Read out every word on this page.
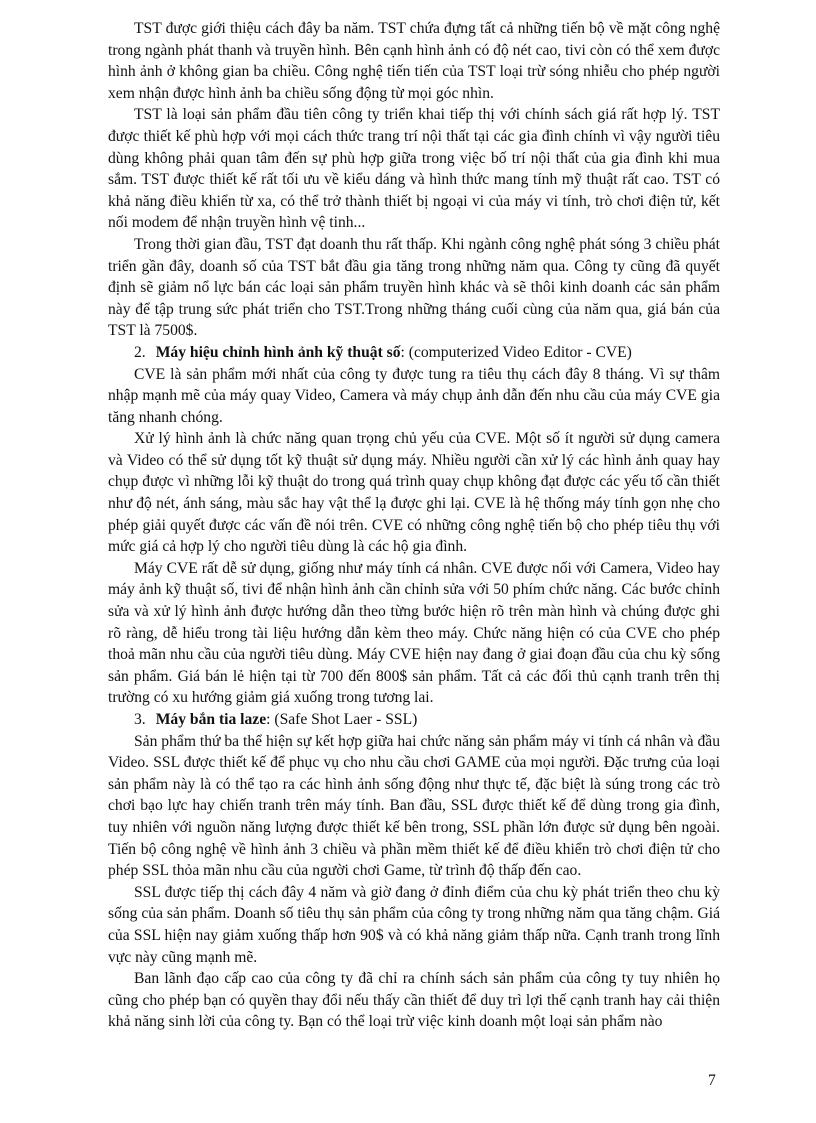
TST được giới thiệu cách đây ba năm. TST chứa đựng tất cả những tiến bộ về mặt công nghệ trong ngành phát thanh và truyền hình. Bên cạnh hình ảnh có độ nét cao, tivi còn có thể xem được hình ảnh ở không gian ba chiều. Công nghệ tiến tiến của TST loại trừ sóng nhiễu cho phép người xem nhận được hình ảnh ba chiều sống động từ mọi góc nhìn.

TST là loại sản phẩm đầu tiên công ty triển khai tiếp thị với chính sách giá rất hợp lý. TST được thiết kế phù hợp với mọi cách thức trang trí nội thất tại các gia đình chính vì vậy người tiêu dùng không phải quan tâm đến sự phù hợp giữa trong việc bố trí nội thất của gia đình khi mua sắm. TST được thiết kế rất tối ưu về kiểu dáng và hình thức mang tính mỹ thuật rất cao. TST có khả năng điều khiển từ xa, có thể trở thành thiết bị ngoại vi của máy vi tính, trò chơi điện tử, kết nối modem để nhận truyền hình vệ tinh...

Trong thời gian đầu, TST đạt doanh thu rất thấp. Khi ngành công nghệ phát sóng 3 chiều phát triển gần đây, doanh số của TST bắt đầu gia tăng trong những năm qua. Công ty cũng đã quyết định sẽ giảm nổ lực bán các loại sản phẩm truyền hình khác và sẽ thôi kinh doanh các sản phẩm này để tập trung sức phát triển cho TST.Trong những tháng cuối cùng của năm qua, giá bán của TST là 7500$.

2. Máy hiệu chỉnh hình ảnh kỹ thuật số: (computerized Video Editor - CVE)

CVE là sản phẩm mới nhất của công ty được tung ra tiêu thụ cách đây 8 tháng. Vì sự thâm nhập mạnh mẽ của máy quay Video, Camera và máy chụp ảnh dẫn đến nhu cầu của máy CVE gia tăng nhanh chóng.

Xử lý hình ảnh là chức năng quan trọng chủ yếu của CVE. Một số ít người sử dụng camera và Video có thể sử dụng tốt kỹ thuật sử dụng máy. Nhiều người cần xử lý các hình ảnh quay hay chụp được vì những lỗi kỹ thuật do trong quá trình quay chụp không đạt được các yếu tố cần thiết như độ nét, ánh sáng, màu sắc hay vật thể lạ được ghi lại. CVE là hệ thống máy tính gọn nhẹ cho phép giải quyết được các vấn đề nói trên. CVE có những công nghệ tiến bộ cho phép tiêu thụ với mức giá cả hợp lý cho người tiêu dùng là các hộ gia đình.

Máy CVE rất dễ sử dụng, giống như máy tính cá nhân. CVE được nối với Camera, Video hay máy ảnh kỹ thuật số, tivi để nhận hình ảnh cần chỉnh sửa với 50 phím chức năng. Các bước chỉnh sửa và xử lý hình ảnh được hướng dẫn theo từng bước hiện rõ trên màn hình và chúng được ghi rõ ràng, dễ hiểu trong tài liệu hướng dẫn kèm theo máy. Chức năng hiện có của CVE cho phép thoả mãn nhu cầu của người tiêu dùng. Máy CVE hiện nay đang ở giai đoạn đầu của chu kỳ sống sản phẩm. Giá bán lẻ hiện tại từ 700 đến 800$ sản phẩm. Tất cả các đối thủ cạnh tranh trên thị trường có xu hướng giảm giá xuống trong tương lai.

3. Máy bắn tia laze: (Safe Shot Laer - SSL)

Sản phẩm thứ ba thể hiện sự kết hợp giữa hai chức năng sản phẩm máy vi tính cá nhân và đầu Video. SSL được thiết kế để phục vụ cho nhu cầu chơi GAME của mọi người. Đặc trưng của loại sản phẩm này là có thể tạo ra các hình ảnh sống động như thực tế, đặc biệt là súng trong các trò chơi bạo lực hay chiến tranh trên máy tính. Ban đầu, SSL được thiết kế để dùng trong gia đình, tuy nhiên với nguồn năng lượng được thiết kế bên trong, SSL phần lớn được sử dụng bên ngoài. Tiến bộ công nghệ về hình ảnh 3 chiều và phần mềm thiết kế để điều khiển trò chơi điện tử cho phép SSL thỏa mãn nhu cầu của người chơi Game, từ trình độ thấp đến cao.

SSL được tiếp thị cách đây 4 năm và giờ đang ở đỉnh điểm của chu kỳ phát triển theo chu kỳ sống của sản phẩm. Doanh số tiêu thụ sản phẩm của công ty trong những năm qua tăng chậm. Giá của SSL hiện nay giảm xuống thấp hơn 90$ và có khả năng giảm thấp nữa. Cạnh tranh trong lĩnh vực này cũng mạnh mẽ.

Ban lãnh đạo cấp cao của công ty đã chỉ ra chính sách sản phẩm của công ty tuy nhiên họ cũng cho phép bạn có quyền thay đổi nếu thấy cần thiết để duy trì lợi thế cạnh tranh hay cải thiện khả năng sinh lời của công ty. Bạn có thể loại trừ việc kinh doanh một loại sản phẩm nào

7
